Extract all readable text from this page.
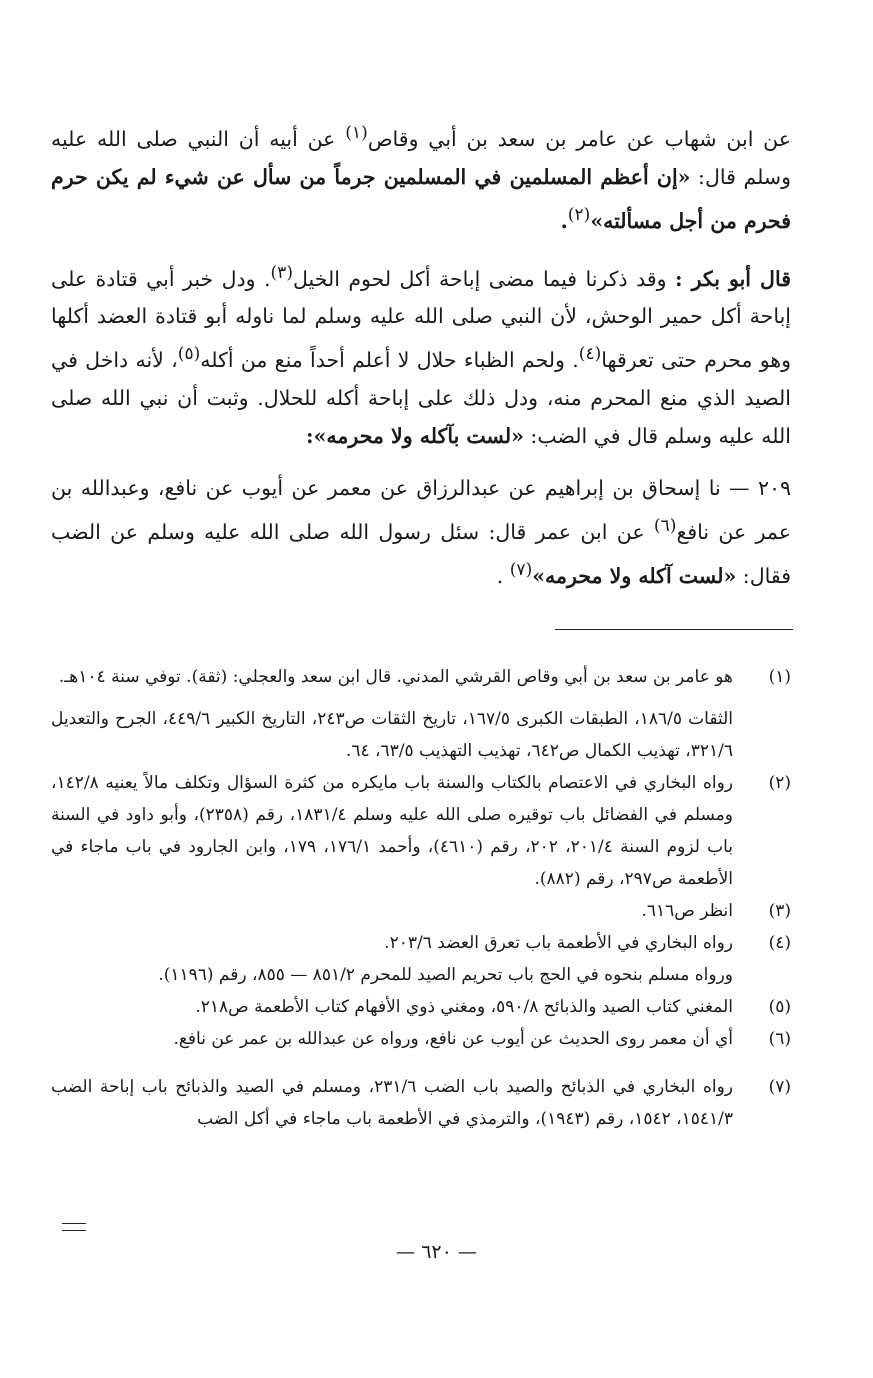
عن ابن شهاب عن عامر بن سعد بن أبي وقاص$^{(١)}$ عن أبيه أن النبي صلى الله عليه وسلم قال: «إن أعظم المسلمين في المسلمين جرماً من سأل عن شيء لم يكن حرم فحرم من أجل مسألته»$^{(٢)}$.

قال أبو بكر : وقد ذكرنا فيما مضى إباحة أكل لحوم الخيل$^{(٣)}$. ودل خبر أبي قتادة على إباحة أكل حمير الوحش، لأن النبي صلى الله عليه وسلم لما ناوله أبو قتادة العضد أكلها وهو محرم حتى تعرقها$^{(٤)}$. ولحم الظباء حلال لا أعلم أحداً منع من أكله$^{(٥)}$، لأنه داخل في الصيد الذي منع المحرم منه، ودل ذلك على إباحة أكله للحلال. وثبت أن نبي الله صلى الله عليه وسلم قال في الضب: «لست بآكله ولا محرمه»:

٢٠٩ — نا إسحاق بن إبراهيم عن عبدالرزاق عن معمر عن أيوب عن نافع، وعبدالله بن عمر عن نافع$^{(٦)}$ عن ابن عمر قال: سئل رسول الله صلى الله عليه وسلم عن الضب فقال: «لست آكله ولا محرمه»$^{(٧)}$ .

(١)
هو عامر بن سعد بن أبي وقاص القرشي المدني. قال ابن سعد والعجلي: (ثقة). توفي سنة ١٠٤هـ.
الثقات ١٨٦/٥، الطبقات الكبرى ١٦٧/٥، تاريخ الثقات ص٢٤٣، التاريخ الكبير ٤٤٩/٦، الجرح والتعديل ٣٢١/٦، تهذيب الكمال ص٦٤٢، تهذيب التهذيب ٦٣/٥، ٦٤.
(٢)
رواه البخاري في الاعتصام بالكتاب والسنة باب مايكره من كثرة السؤال وتكلف مالاً يعنيه ١٤٢/٨، ومسلم في الفضائل باب توقيره صلى الله عليه وسلم ١٨٣١/٤، رقم (٢٣٥٨)، وأبو داود في السنة باب لزوم السنة ٢٠١/٤، ٢٠٢، رقم (٤٦١٠)، وأحمد ١٧٦/١، ١٧٩، وابن الجارود في باب ماجاء في الأطعمة ص٢٩٧، رقم (٨٨٢).
(٣)
انظر ص٦١٦.
(٤)
رواه البخاري في الأطعمة باب تعرق العضد ٢٠٣/٦.
ورواه مسلم بنحوه في الحج باب تحريم الصيد للمحرم ٨٥١/٢ — ٨٥٥، رقم (١١٩٦).
(٥)
المغني كتاب الصيد والذبائح ٥٩٠/٨، ومغني ذوي الأفهام كتاب الأطعمة ص٢١٨.
(٦)
أي أن معمر روى الحديث عن أيوب عن نافع، ورواه عن عبدالله بن عمر عن نافع.
(٧)
رواه البخاري في الذبائح والصيد باب الضب ٢٣١/٦، ومسلم في الصيد والذبائح باب إباحة الضب ١٥٤١/٣، ١٥٤٢، رقم (١٩٤٣)، والترمذي في الأطعمة باب ماجاء في أكل الضب
— ٦٢٠ —
